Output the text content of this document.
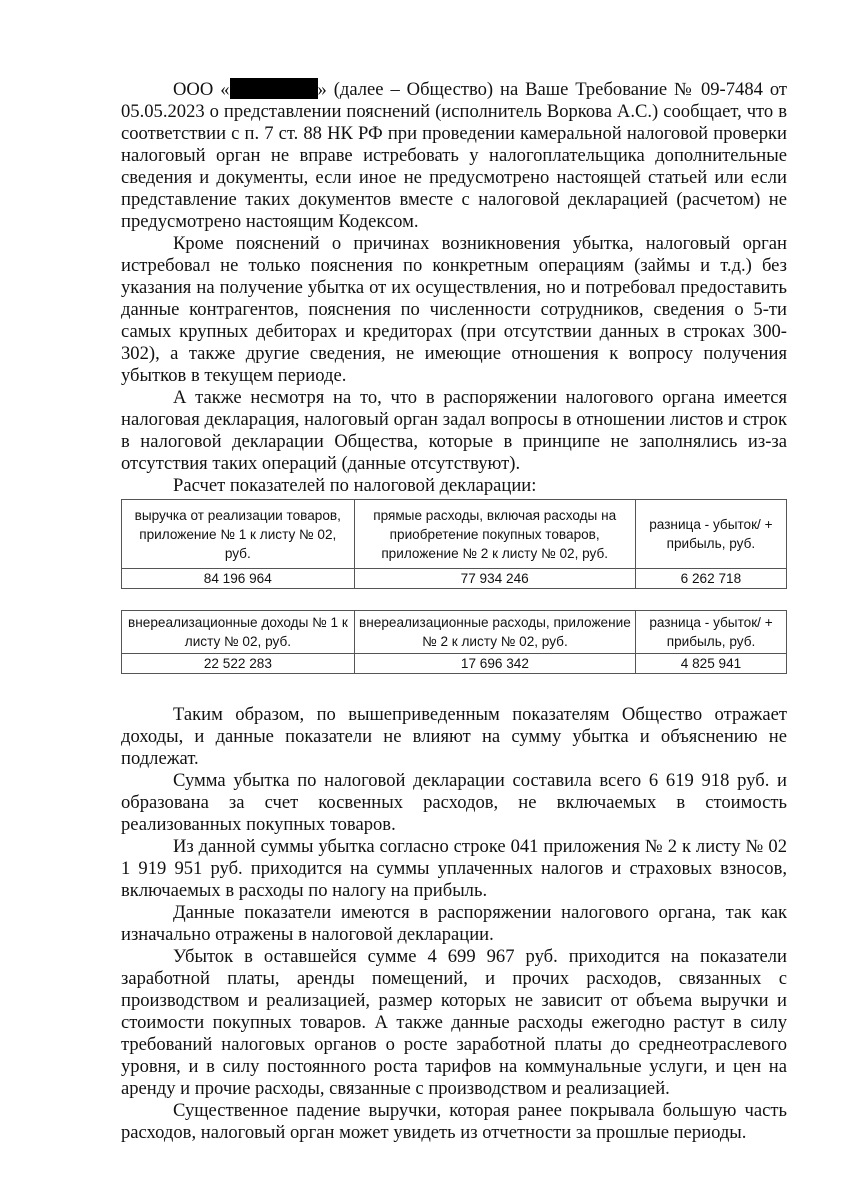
ООО «	» (далее – Общество) на Ваше Требование № 09-7484 от 05.05.2023 о представлении пояснений (исполнитель Воркова А.С.) сообщает, что в соответствии с п. 7 ст. 88 НК РФ при проведении камеральной налоговой проверки налоговый орган не вправе истребовать у налогоплательщика дополнительные сведения и документы, если иное не предусмотрено настоящей статьей или если представление таких документов вместе с налоговой декларацией (расчетом) не предусмотрено настоящим Кодексом.

Кроме пояснений о причинах возникновения убытка, налоговый орган истребовал не только пояснения по конкретным операциям (займы и т.д.) без указания на получение убытка от их осуществления, но и потребовал предоставить данные контрагентов, пояснения по численности сотрудников, сведения о 5-ти самых крупных дебиторах и кредиторах (при отсутствии данных в строках 300-302), а также другие сведения, не имеющие отношения к вопросу получения убытков в текущем периоде.

А также несмотря на то, что в распоряжении налогового органа имеется налоговая декларация, налоговый орган задал вопросы в отношении листов и строк в налоговой декларации Общества, которые в принципе не заполнялись из-за отсутствия таких операций (данные отсутствуют).

Расчет показателей по налоговой декларации:

выручка от реализации товаров, приложение № 1 к листу № 02, руб.	прямые расходы, включая расходы на приобретение покупных товаров, приложение № 2 к листу № 02, руб.	разница - убыток/ + прибыль, руб.
84 196 964	77 934 246	6 262 718
внереализационные доходы № 1 к листу № 02, руб.	внереализационные расходы, приложение № 2 к листу № 02, руб.	разница - убыток/ + прибыль, руб.
22 522 283	17 696 342	4 825 941

Таким образом, по вышеприведенным показателям Общество отражает доходы, и данные показатели не влияют на сумму убытка и объяснению не подлежат.

Сумма убытка по налоговой декларации составила всего 6 619 918 руб. и образована за счет косвенных расходов, не включаемых в стоимость реализованных покупных товаров.

Из данной суммы убытка согласно строке 041 приложения № 2 к листу № 02 1 919 951 руб. приходится на суммы уплаченных налогов и страховых взносов, включаемых в расходы по налогу на прибыль.

Данные показатели имеются в распоряжении налогового органа, так как изначально отражены в налоговой декларации.

Убыток в оставшейся сумме 4 699 967 руб. приходится на показатели заработной платы, аренды помещений, и прочих расходов, связанных с производством и реализацией, размер которых не зависит от объема выручки и стоимости покупных товаров. А также данные расходы ежегодно растут в силу требований налоговых органов о росте заработной платы до среднеотраслевого уровня, и в силу постоянного роста тарифов на коммунальные услуги, и цен на аренду и прочие расходы, связанные с производством и реализацией.

Существенное падение выручки, которая ранее покрывала большую часть расходов, налоговый орган может увидеть из отчетности за прошлые периоды.
